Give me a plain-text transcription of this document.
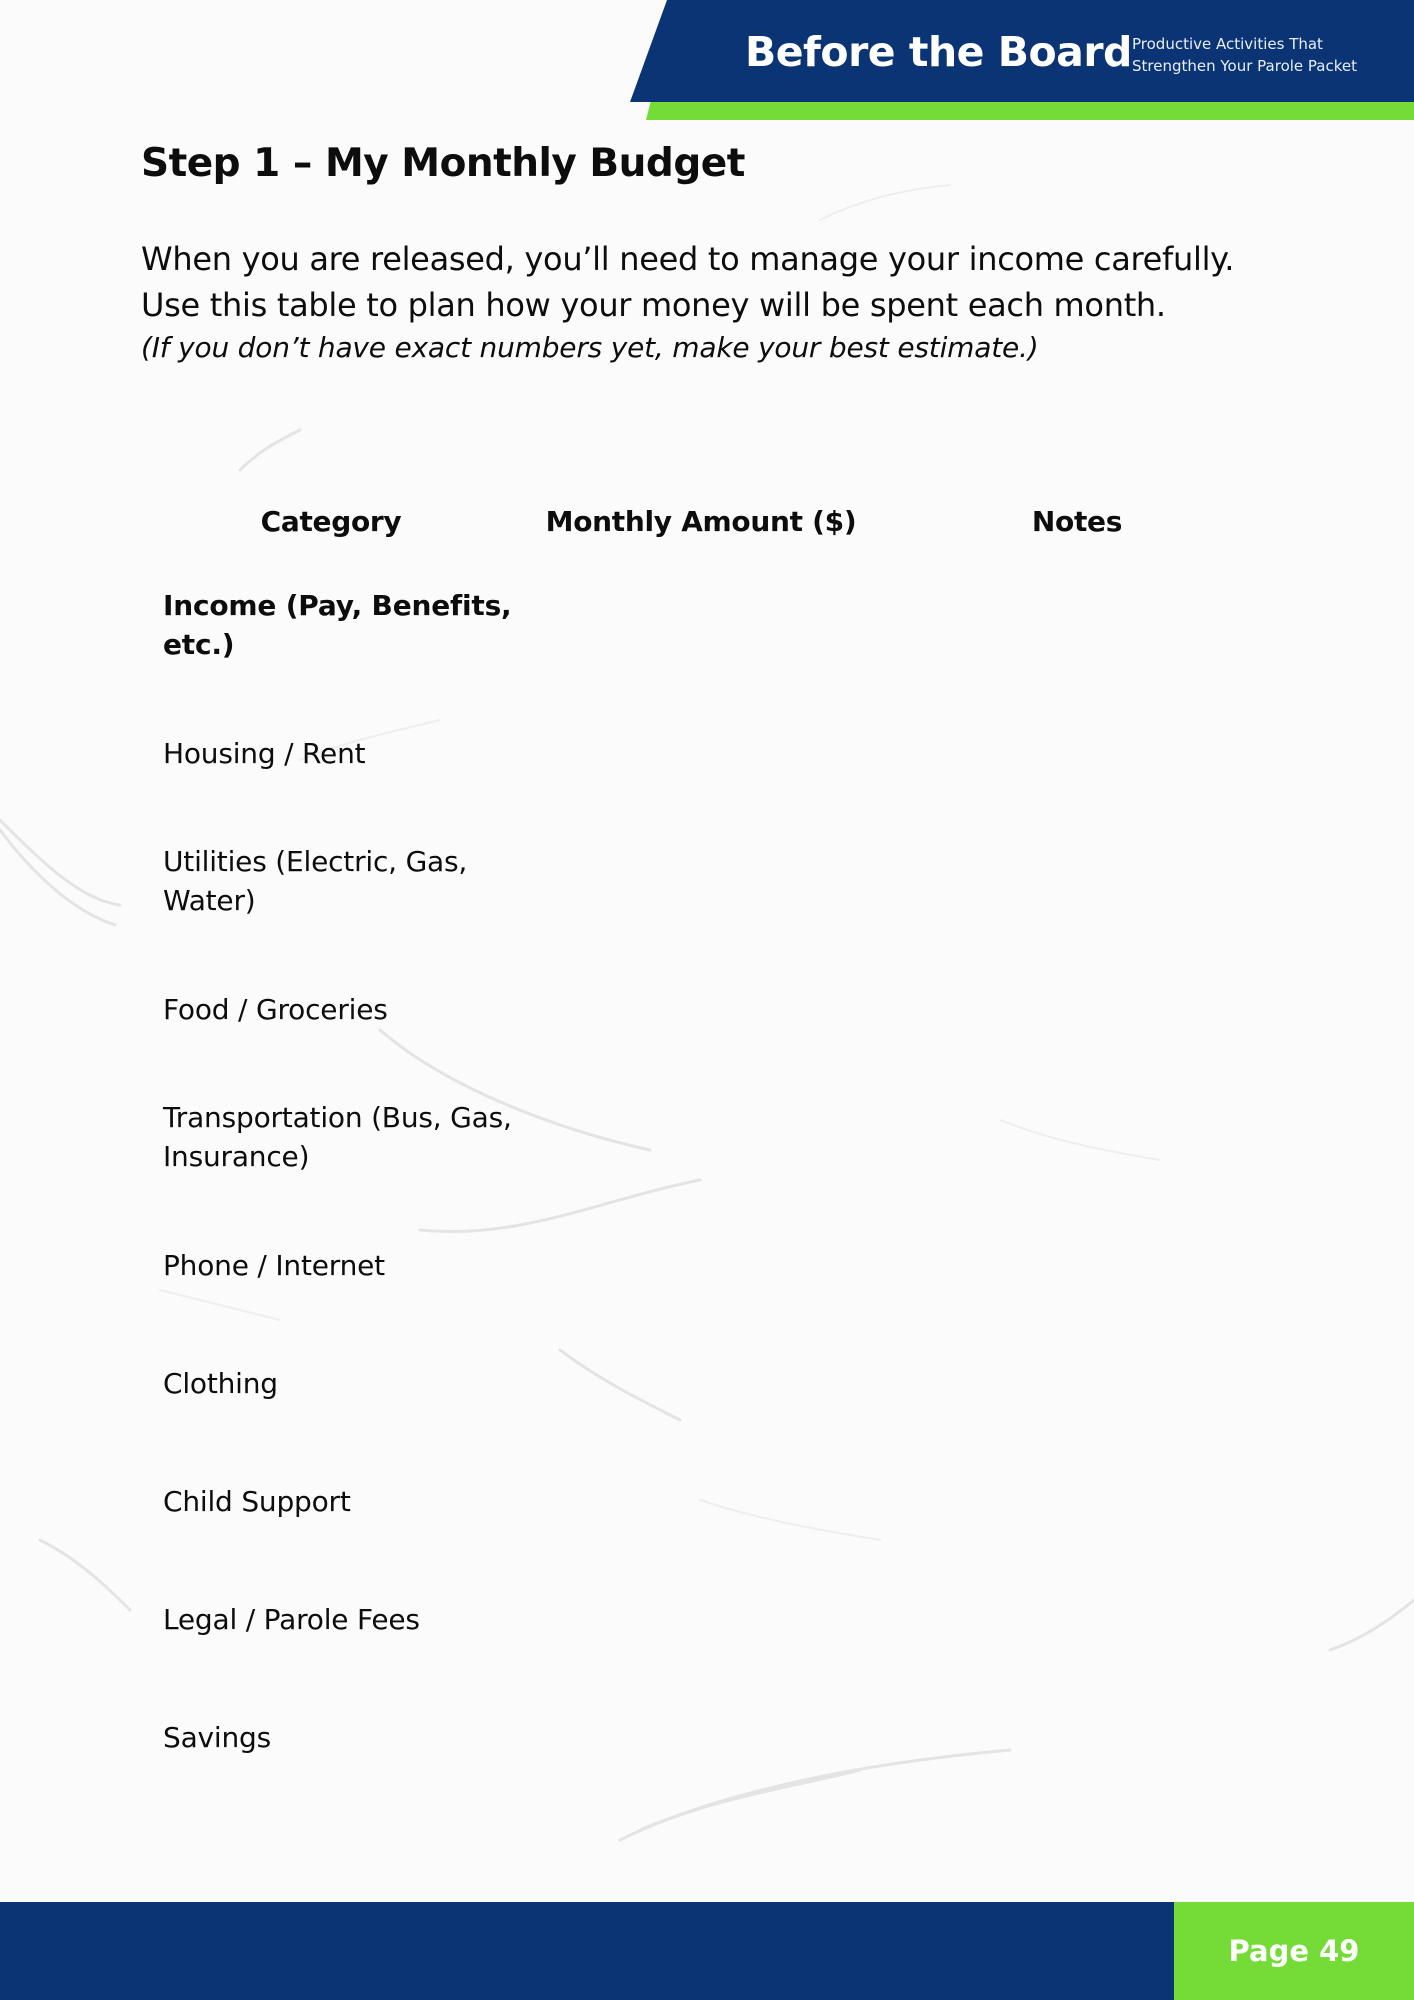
Before the Board Productive Activities That
Strengthen Your Parole Packet
Step 1 – My Monthly Budget

When you are released, you’ll need to manage your income carefully.

Use this table to plan how your money will be spent each month.

(If you don’t have exact numbers yet, make your best estimate.)

Category	Monthly Amount ($)	Notes
Income (Pay, Benefits, etc.)	

Housing / Rent	

Utilities (Electric, Gas, Water)	

Food / Groceries	

Transportation (Bus, Gas, Insurance)	

Phone / Internet	

Clothing	

Child Support	

Legal / Parole Fees	

Savings	

Page 49
